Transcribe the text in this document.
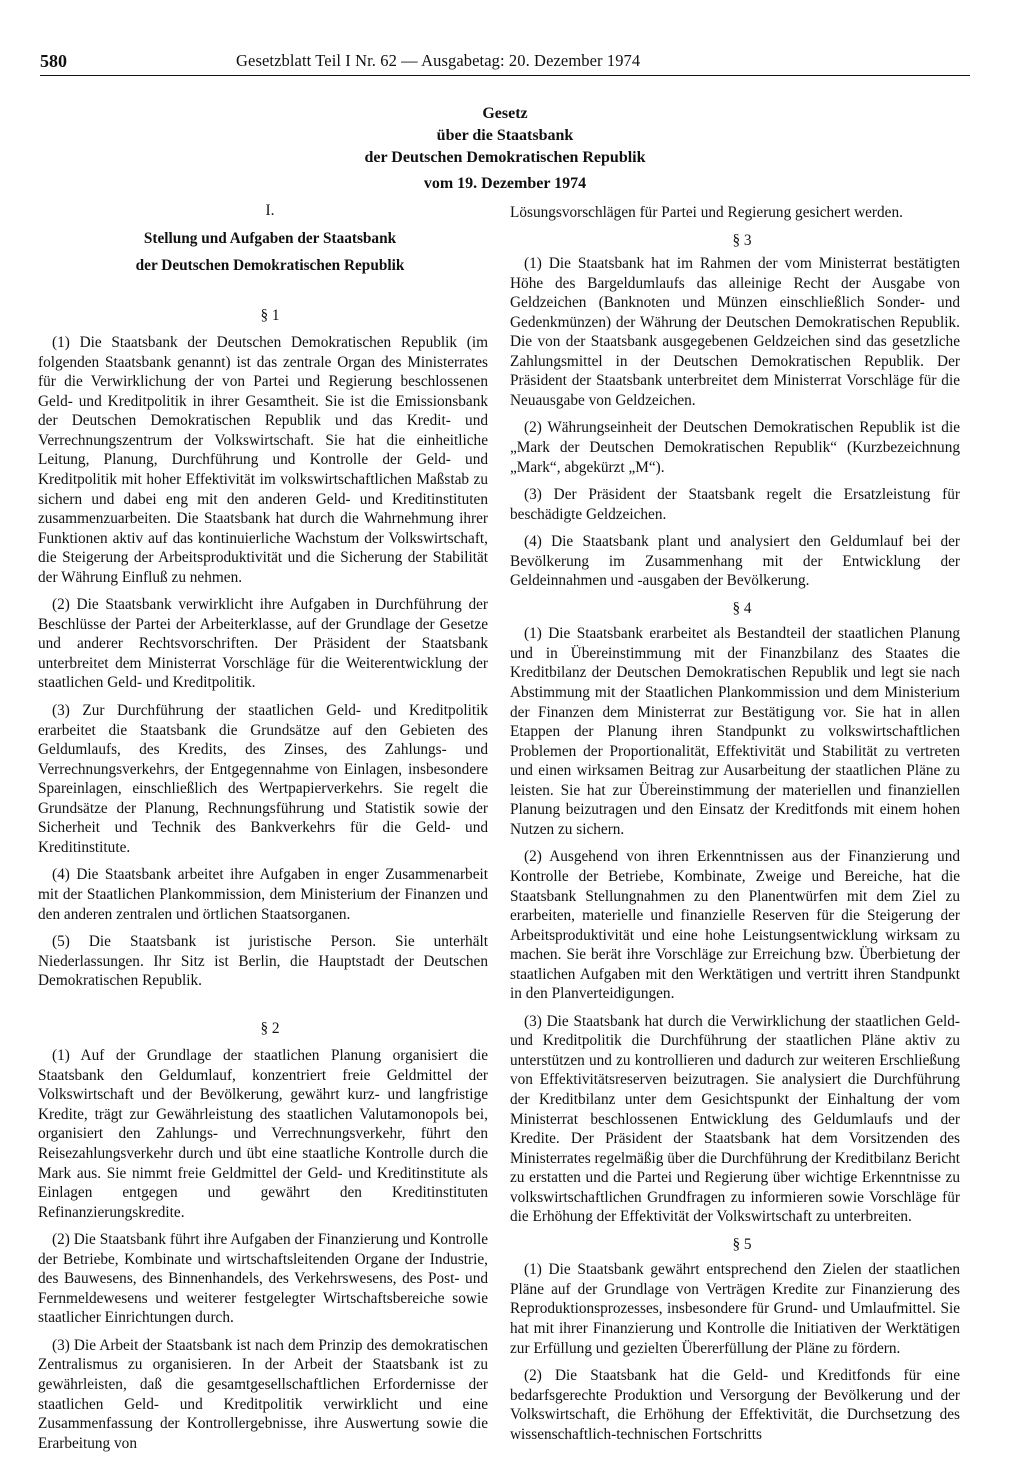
580	Gesetzblatt Teil I Nr. 62 — Ausgabetag: 20. Dezember 1974
Gesetz
über die Staatsbank
der Deutschen Demokratischen Republik
vom 19. Dezember 1974

I.

Stellung und Aufgaben der Staatsbank

der Deutschen Demokratischen Republik

§ 1

(1) Die Staatsbank der Deutschen Demokratischen Republik (im folgenden Staatsbank genannt) ist das zentrale Organ des Ministerrates für die Verwirklichung der von Partei und Regierung beschlossenen Geld- und Kreditpolitik in ihrer Gesamtheit. Sie ist die Emissionsbank der Deutschen Demokratischen Republik und das Kredit- und Verrechnungszentrum der Volkswirtschaft. Sie hat die einheitliche Leitung, Planung, Durchführung und Kontrolle der Geld- und Kreditpolitik mit hoher Effektivität im volkswirtschaftlichen Maßstab zu sichern und dabei eng mit den anderen Geld- und Kreditinstituten zusammenzuarbeiten. Die Staatsbank hat durch die Wahrnehmung ihrer Funktionen aktiv auf das kontinuierliche Wachstum der Volkswirtschaft, die Steigerung der Arbeitsproduktivität und die Sicherung der Stabilität der Währung Einfluß zu nehmen.

(2) Die Staatsbank verwirklicht ihre Aufgaben in Durchführung der Beschlüsse der Partei der Arbeiterklasse, auf der Grundlage der Gesetze und anderer Rechtsvorschriften. Der Präsident der Staatsbank unterbreitet dem Ministerrat Vorschläge für die Weiterentwicklung der staatlichen Geld- und Kreditpolitik.

(3) Zur Durchführung der staatlichen Geld- und Kreditpolitik erarbeitet die Staatsbank die Grundsätze auf den Gebieten des Geldumlaufs, des Kredits, des Zinses, des Zahlungs- und Verrechnungsverkehrs, der Entgegennahme von Einlagen, insbesondere Spareinlagen, einschließlich des Wertpapierverkehrs. Sie regelt die Grundsätze der Planung, Rechnungsführung und Statistik sowie der Sicherheit und Technik des Bankverkehrs für die Geld- und Kreditinstitute.

(4) Die Staatsbank arbeitet ihre Aufgaben in enger Zusammenarbeit mit der Staatlichen Plankommission, dem Ministerium der Finanzen und den anderen zentralen und örtlichen Staatsorganen.

(5) Die Staatsbank ist juristische Person. Sie unterhält Niederlassungen. Ihr Sitz ist Berlin, die Hauptstadt der Deutschen Demokratischen Republik.

§ 2

(1) Auf der Grundlage der staatlichen Planung organisiert die Staatsbank den Geldumlauf, konzentriert freie Geldmittel der Volkswirtschaft und der Bevölkerung, gewährt kurz- und langfristige Kredite, trägt zur Gewährleistung des staatlichen Valutamonopols bei, organisiert den Zahlungs- und Verrechnungsverkehr, führt den Reisezahlungsverkehr durch und übt eine staatliche Kontrolle durch die Mark aus. Sie nimmt freie Geldmittel der Geld- und Kreditinstitute als Einlagen entgegen und gewährt den Kreditinstituten Refinanzierungskredite.

(2) Die Staatsbank führt ihre Aufgaben der Finanzierung und Kontrolle der Betriebe, Kombinate und wirtschaftsleitenden Organe der Industrie, des Bauwesens, des Binnenhandels, des Verkehrswesens, des Post- und Fernmeldewesens und weiterer festgelegter Wirtschaftsbereiche sowie staatlicher Einrichtungen durch.

(3) Die Arbeit der Staatsbank ist nach dem Prinzip des demokratischen Zentralismus zu organisieren. In der Arbeit der Staatsbank ist zu gewährleisten, daß die gesamtgesellschaftlichen Erfordernisse der staatlichen Geld- und Kreditpolitik verwirklicht und eine Zusammenfassung der Kontrollergebnisse, ihre Auswertung sowie die Erarbeitung von

Lösungsvorschlägen für Partei und Regierung gesichert werden.

§ 3

(1) Die Staatsbank hat im Rahmen der vom Ministerrat bestätigten Höhe des Bargeldumlaufs das alleinige Recht der Ausgabe von Geldzeichen (Banknoten und Münzen einschließlich Sonder- und Gedenkmünzen) der Währung der Deutschen Demokratischen Republik. Die von der Staatsbank ausgegebenen Geldzeichen sind das gesetzliche Zahlungsmittel in der Deutschen Demokratischen Republik. Der Präsident der Staatsbank unterbreitet dem Ministerrat Vorschläge für die Neuausgabe von Geldzeichen.

(2) Währungseinheit der Deutschen Demokratischen Republik ist die „Mark der Deutschen Demokratischen Republik“ (Kurzbezeichnung „Mark“, abgekürzt „M“).

(3) Der Präsident der Staatsbank regelt die Ersatzleistung für beschädigte Geldzeichen.

(4) Die Staatsbank plant und analysiert den Geldumlauf bei der Bevölkerung im Zusammenhang mit der Entwicklung der Geldeinnahmen und -ausgaben der Bevölkerung.

§ 4

(1) Die Staatsbank erarbeitet als Bestandteil der staatlichen Planung und in Übereinstimmung mit der Finanzbilanz des Staates die Kreditbilanz der Deutschen Demokratischen Republik und legt sie nach Abstimmung mit der Staatlichen Plankommission und dem Ministerium der Finanzen dem Ministerrat zur Bestätigung vor. Sie hat in allen Etappen der Planung ihren Standpunkt zu volkswirtschaftlichen Problemen der Proportionalität, Effektivität und Stabilität zu vertreten und einen wirksamen Beitrag zur Ausarbeitung der staatlichen Pläne zu leisten. Sie hat zur Übereinstimmung der materiellen und finanziellen Planung beizutragen und den Einsatz der Kreditfonds mit einem hohen Nutzen zu sichern.

(2) Ausgehend von ihren Erkenntnissen aus der Finanzierung und Kontrolle der Betriebe, Kombinate, Zweige und Bereiche, hat die Staatsbank Stellungnahmen zu den Planentwürfen mit dem Ziel zu erarbeiten, materielle und finanzielle Reserven für die Steigerung der Arbeitsproduktivität und eine hohe Leistungsentwicklung wirksam zu machen. Sie berät ihre Vorschläge zur Erreichung bzw. Überbietung der staatlichen Aufgaben mit den Werktätigen und vertritt ihren Standpunkt in den Planverteidigungen.

(3) Die Staatsbank hat durch die Verwirklichung der staatlichen Geld- und Kreditpolitik die Durchführung der staatlichen Pläne aktiv zu unterstützen und zu kontrollieren und dadurch zur weiteren Erschließung von Effektivitätsreserven beizutragen. Sie analysiert die Durchführung der Kreditbilanz unter dem Gesichtspunkt der Einhaltung der vom Ministerrat beschlossenen Entwicklung des Geldumlaufs und der Kredite. Der Präsident der Staatsbank hat dem Vorsitzenden des Ministerrates regelmäßig über die Durchführung der Kreditbilanz Bericht zu erstatten und die Partei und Regierung über wichtige Erkenntnisse zu volkswirtschaftlichen Grundfragen zu informieren sowie Vorschläge für die Erhöhung der Effektivität der Volkswirtschaft zu unterbreiten.

§ 5

(1) Die Staatsbank gewährt entsprechend den Zielen der staatlichen Pläne auf der Grundlage von Verträgen Kredite zur Finanzierung des Reproduktionsprozesses, insbesondere für Grund- und Umlaufmittel. Sie hat mit ihrer Finanzierung und Kontrolle die Initiativen der Werktätigen zur Erfüllung und gezielten Übererfüllung der Pläne zu fördern.

(2) Die Staatsbank hat die Geld- und Kreditfonds für eine bedarfsgerechte Produktion und Versorgung der Bevölkerung und der Volkswirtschaft, die Erhöhung der Effektivität, die Durchsetzung des wissenschaftlich-technischen Fortschritts
